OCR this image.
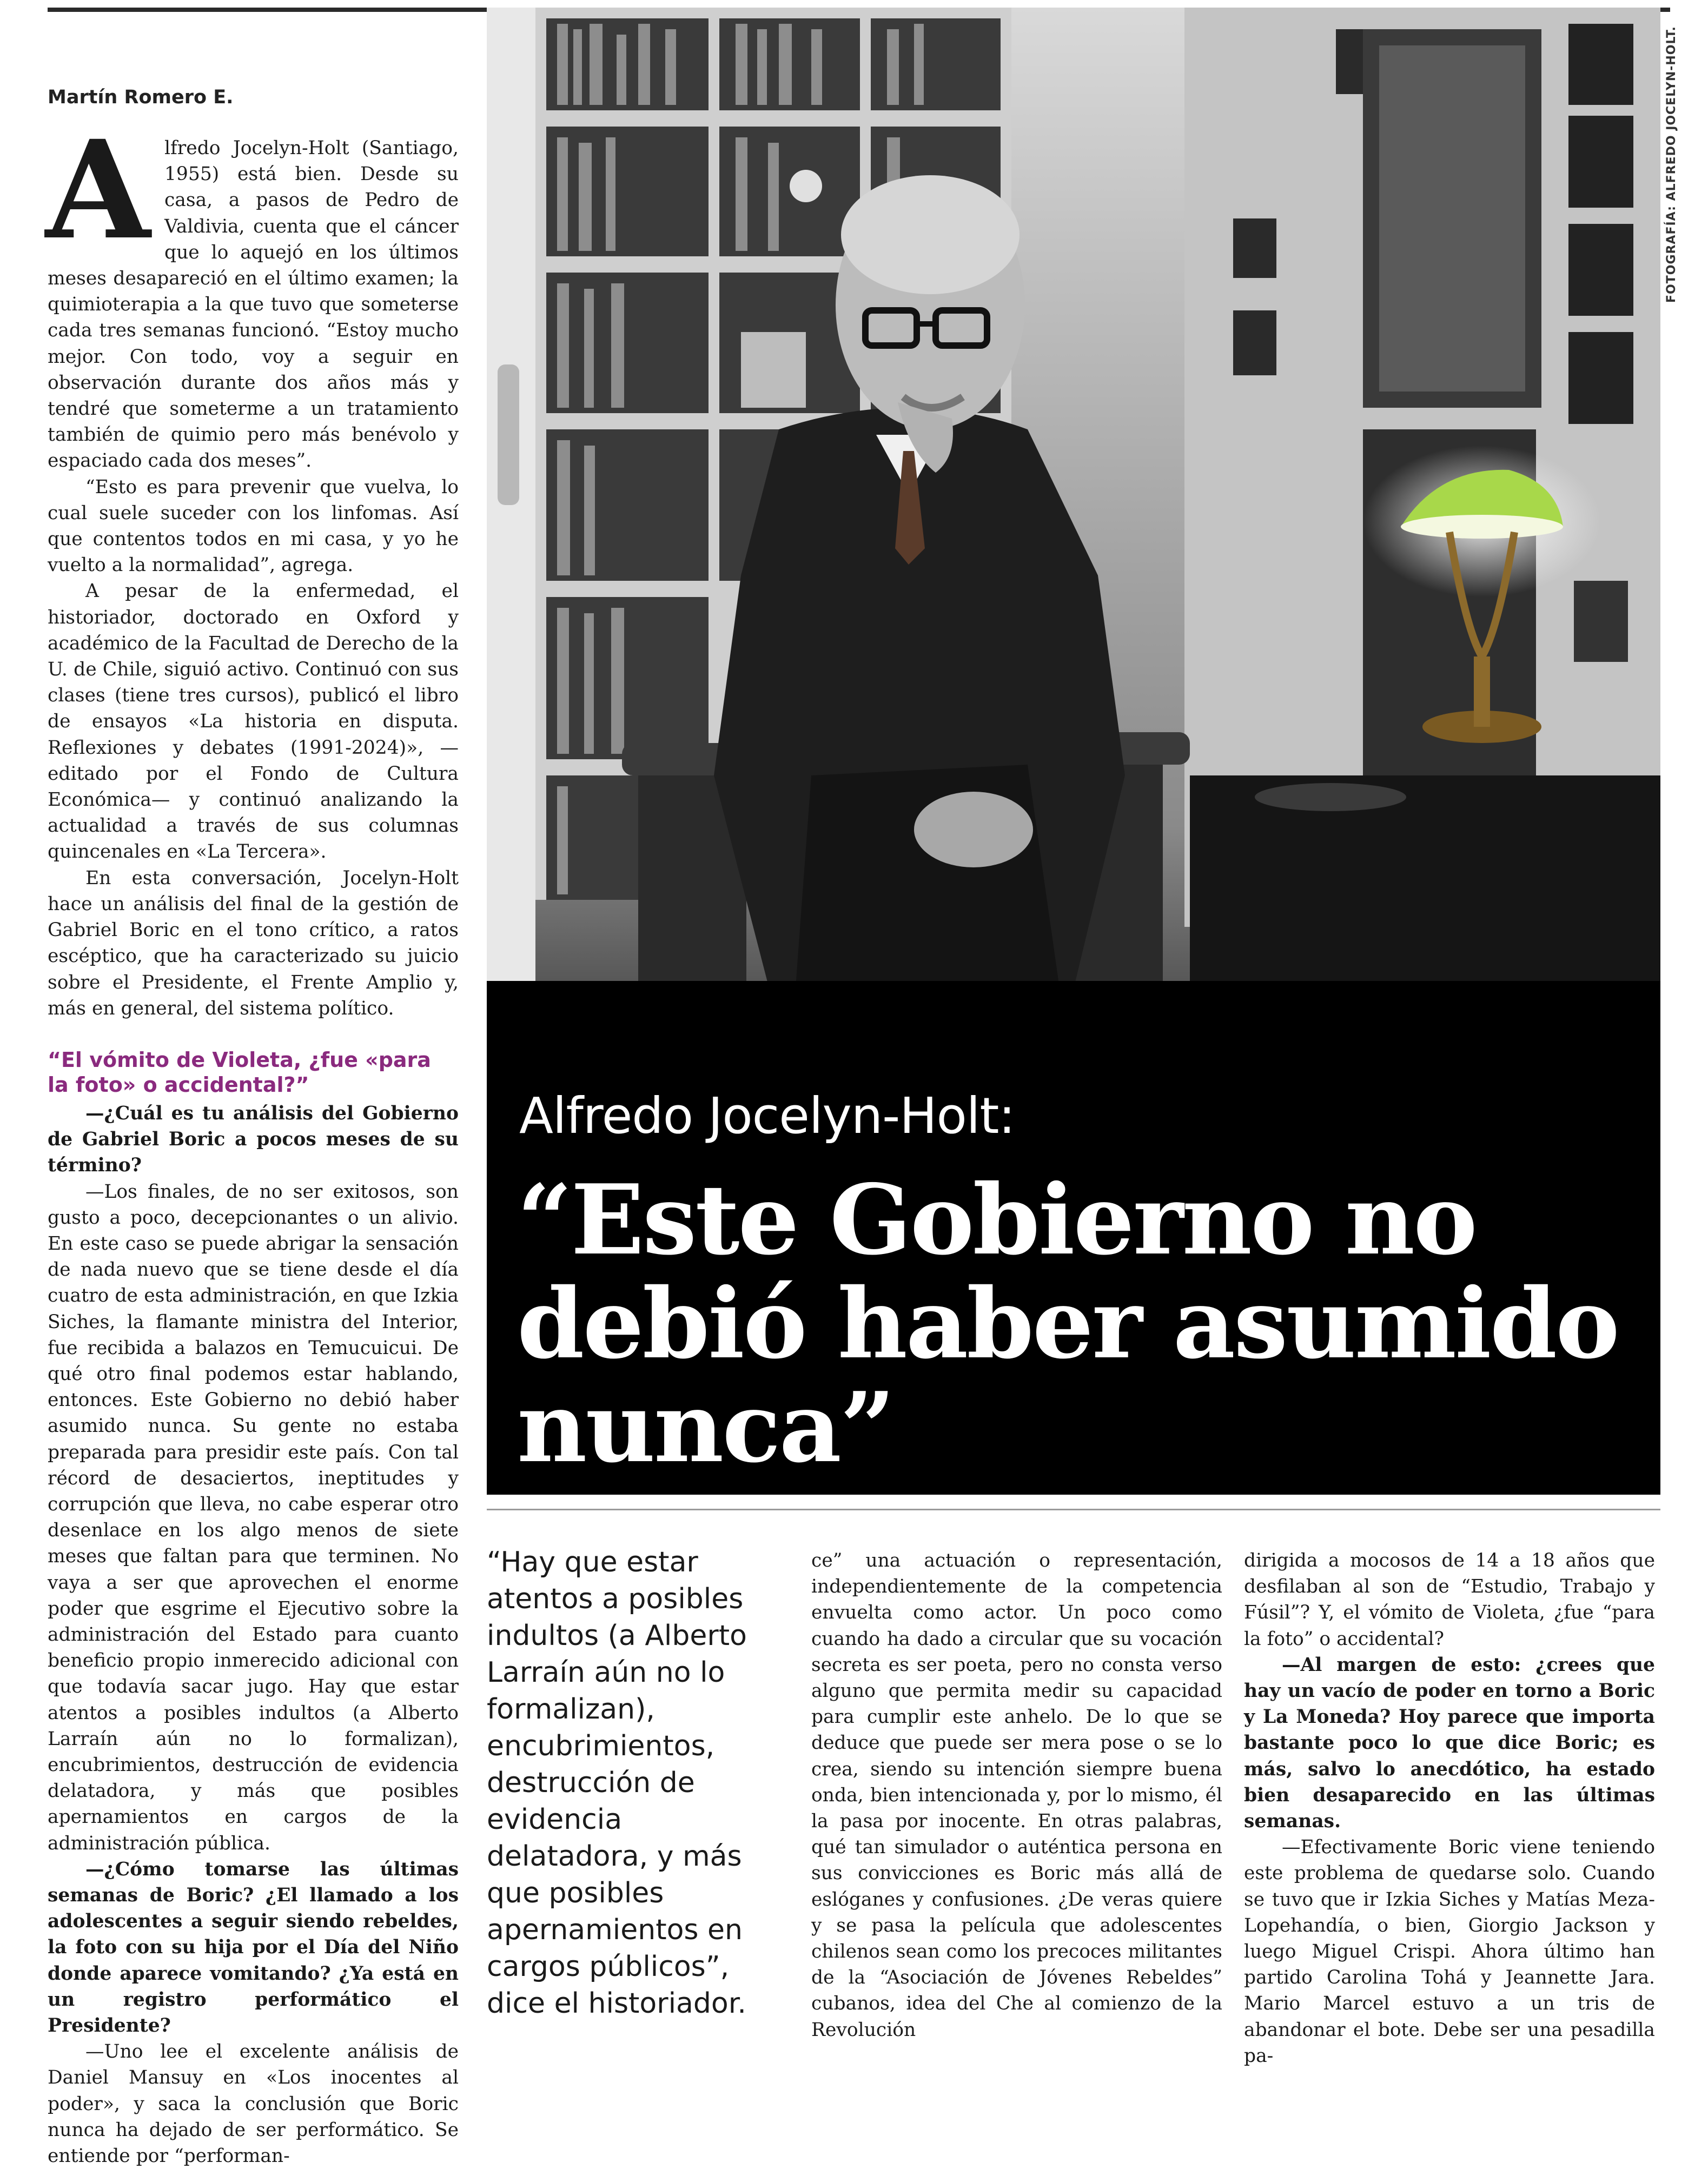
Martín Romero E.

Alfredo Jocelyn-Holt (Santiago, 1955) está bien. Desde su casa, a pasos de Pedro de Valdivia, cuenta que el cáncer que lo aquejó en los últimos meses desapareció en el último examen; la quimioterapia a la que tuvo que someterse cada tres semanas funcionó. “Estoy mucho mejor. Con todo, voy a seguir en observación durante dos años más y tendré que someterme a un tratamiento también de quimio pero más benévolo y espaciado cada dos meses”.

“Esto es para prevenir que vuelva, lo cual suele suceder con los linfomas. Así que contentos todos en mi casa, y yo he vuelto a la normalidad”, agrega.

A pesar de la enfermedad, el historiador, doctorado en Oxford y académico de la Facultad de Derecho de la U. de Chile, siguió activo. Continuó con sus clases (tiene tres cursos), publicó el libro de ensayos «La historia en disputa. Reflexiones y debates (1991-2024)», —editado por el Fondo de Cultura Económica— y continuó analizando la actualidad a través de sus columnas quincenales en «La Tercera».

En esta conversación, Jocelyn-Holt hace un análisis del final de la gestión de Gabriel Boric en el tono crítico, a ratos escéptico, que ha caracterizado su juicio sobre el Presidente, el Frente Amplio y, más en general, del sistema político.

“El vómito de Violeta, ¿fue «para la foto» o accidental?”

—¿Cuál es tu análisis del Gobierno de Gabriel Boric a pocos meses de su término?

—Los finales, de no ser exitosos, son gusto a poco, decepcionantes o un alivio. En este caso se puede abrigar la sensación de nada nuevo que se tiene desde el día cuatro de esta administración, en que Izkia Siches, la flamante ministra del Interior, fue recibida a balazos en Temucuicui. De qué otro final podemos estar hablando, entonces. Este Gobierno no debió haber asumido nunca. Su gente no estaba preparada para presidir este país. Con tal récord de desaciertos, ineptitudes y corrupción que lleva, no cabe esperar otro desenlace en los algo menos de siete meses que faltan para que terminen. No vaya a ser que aprovechen el enorme poder que esgrime el Ejecutivo sobre la administración del Estado para cuanto beneficio propio inmerecido adicional con que todavía sacar jugo. Hay que estar atentos a posibles indultos (a Alberto Larraín aún no lo formalizan), encubrimientos, destrucción de evidencia delatadora, y más que posibles apernamientos en cargos de la administración pública.

—¿Cómo tomarse las últimas semanas de Boric? ¿El llamado a los adolescentes a seguir siendo rebeldes, la foto con su hija por el Día del Niño donde aparece vomitando? ¿Ya está en un registro performático el Presidente?

—Uno lee el excelente análisis de Daniel Mansuy en «Los inocentes al poder», y saca la conclusión que Boric nunca ha dejado de ser performático. Se entiende por “performan-

FOTOGRAFÍA: ALFREDO JOCELYN-HOLT.
Alfredo Jocelyn-Holt:
“Este Gobierno no debió haber asumido nunca”
“Hay que estar atentos a posibles indultos (a Alberto Larraín aún no lo formalizan), encubrimientos, destrucción de evidencia delatadora, y más que posibles apernamientos en cargos públicos”, dice el historiador.

ce” una actuación o representación, independientemente de la competencia envuelta como actor. Un poco como cuando ha dado a circular que su vocación secreta es ser poeta, pero no consta verso alguno que permita medir su capacidad para cumplir este anhelo. De lo que se deduce que puede ser mera pose o se lo crea, siendo su intención siempre buena onda, bien intencionada y, por lo mismo, él la pasa por inocente. En otras palabras, qué tan simulador o auténtica persona en sus convicciones es Boric más allá de eslóganes y confusiones. ¿De veras quiere y se pasa la película que adolescentes chilenos sean como los precoces militantes de la “Asociación de Jóvenes Rebeldes” cubanos, idea del Che al comienzo de la Revolución

dirigida a mocosos de 14 a 18 años que desfilaban al son de “Estudio, Trabajo y Fúsil”? Y, el vómito de Violeta, ¿fue “para la foto” o accidental?

—Al margen de esto: ¿crees que hay un vacío de poder en torno a Boric y La Moneda? Hoy parece que importa bastante poco lo que dice Boric; es más, salvo lo anecdótico, ha estado bien desaparecido en las últimas semanas.

—Efectivamente Boric viene teniendo este problema de quedarse solo. Cuando se tuvo que ir Izkia Siches y Matías Meza-Lopehandía, o bien, Giorgio Jackson y luego Miguel Crispi. Ahora último han partido Carolina Tohá y Jeannette Jara. Mario Marcel estuvo a un tris de abandonar el bote. Debe ser una pesadilla pa-
